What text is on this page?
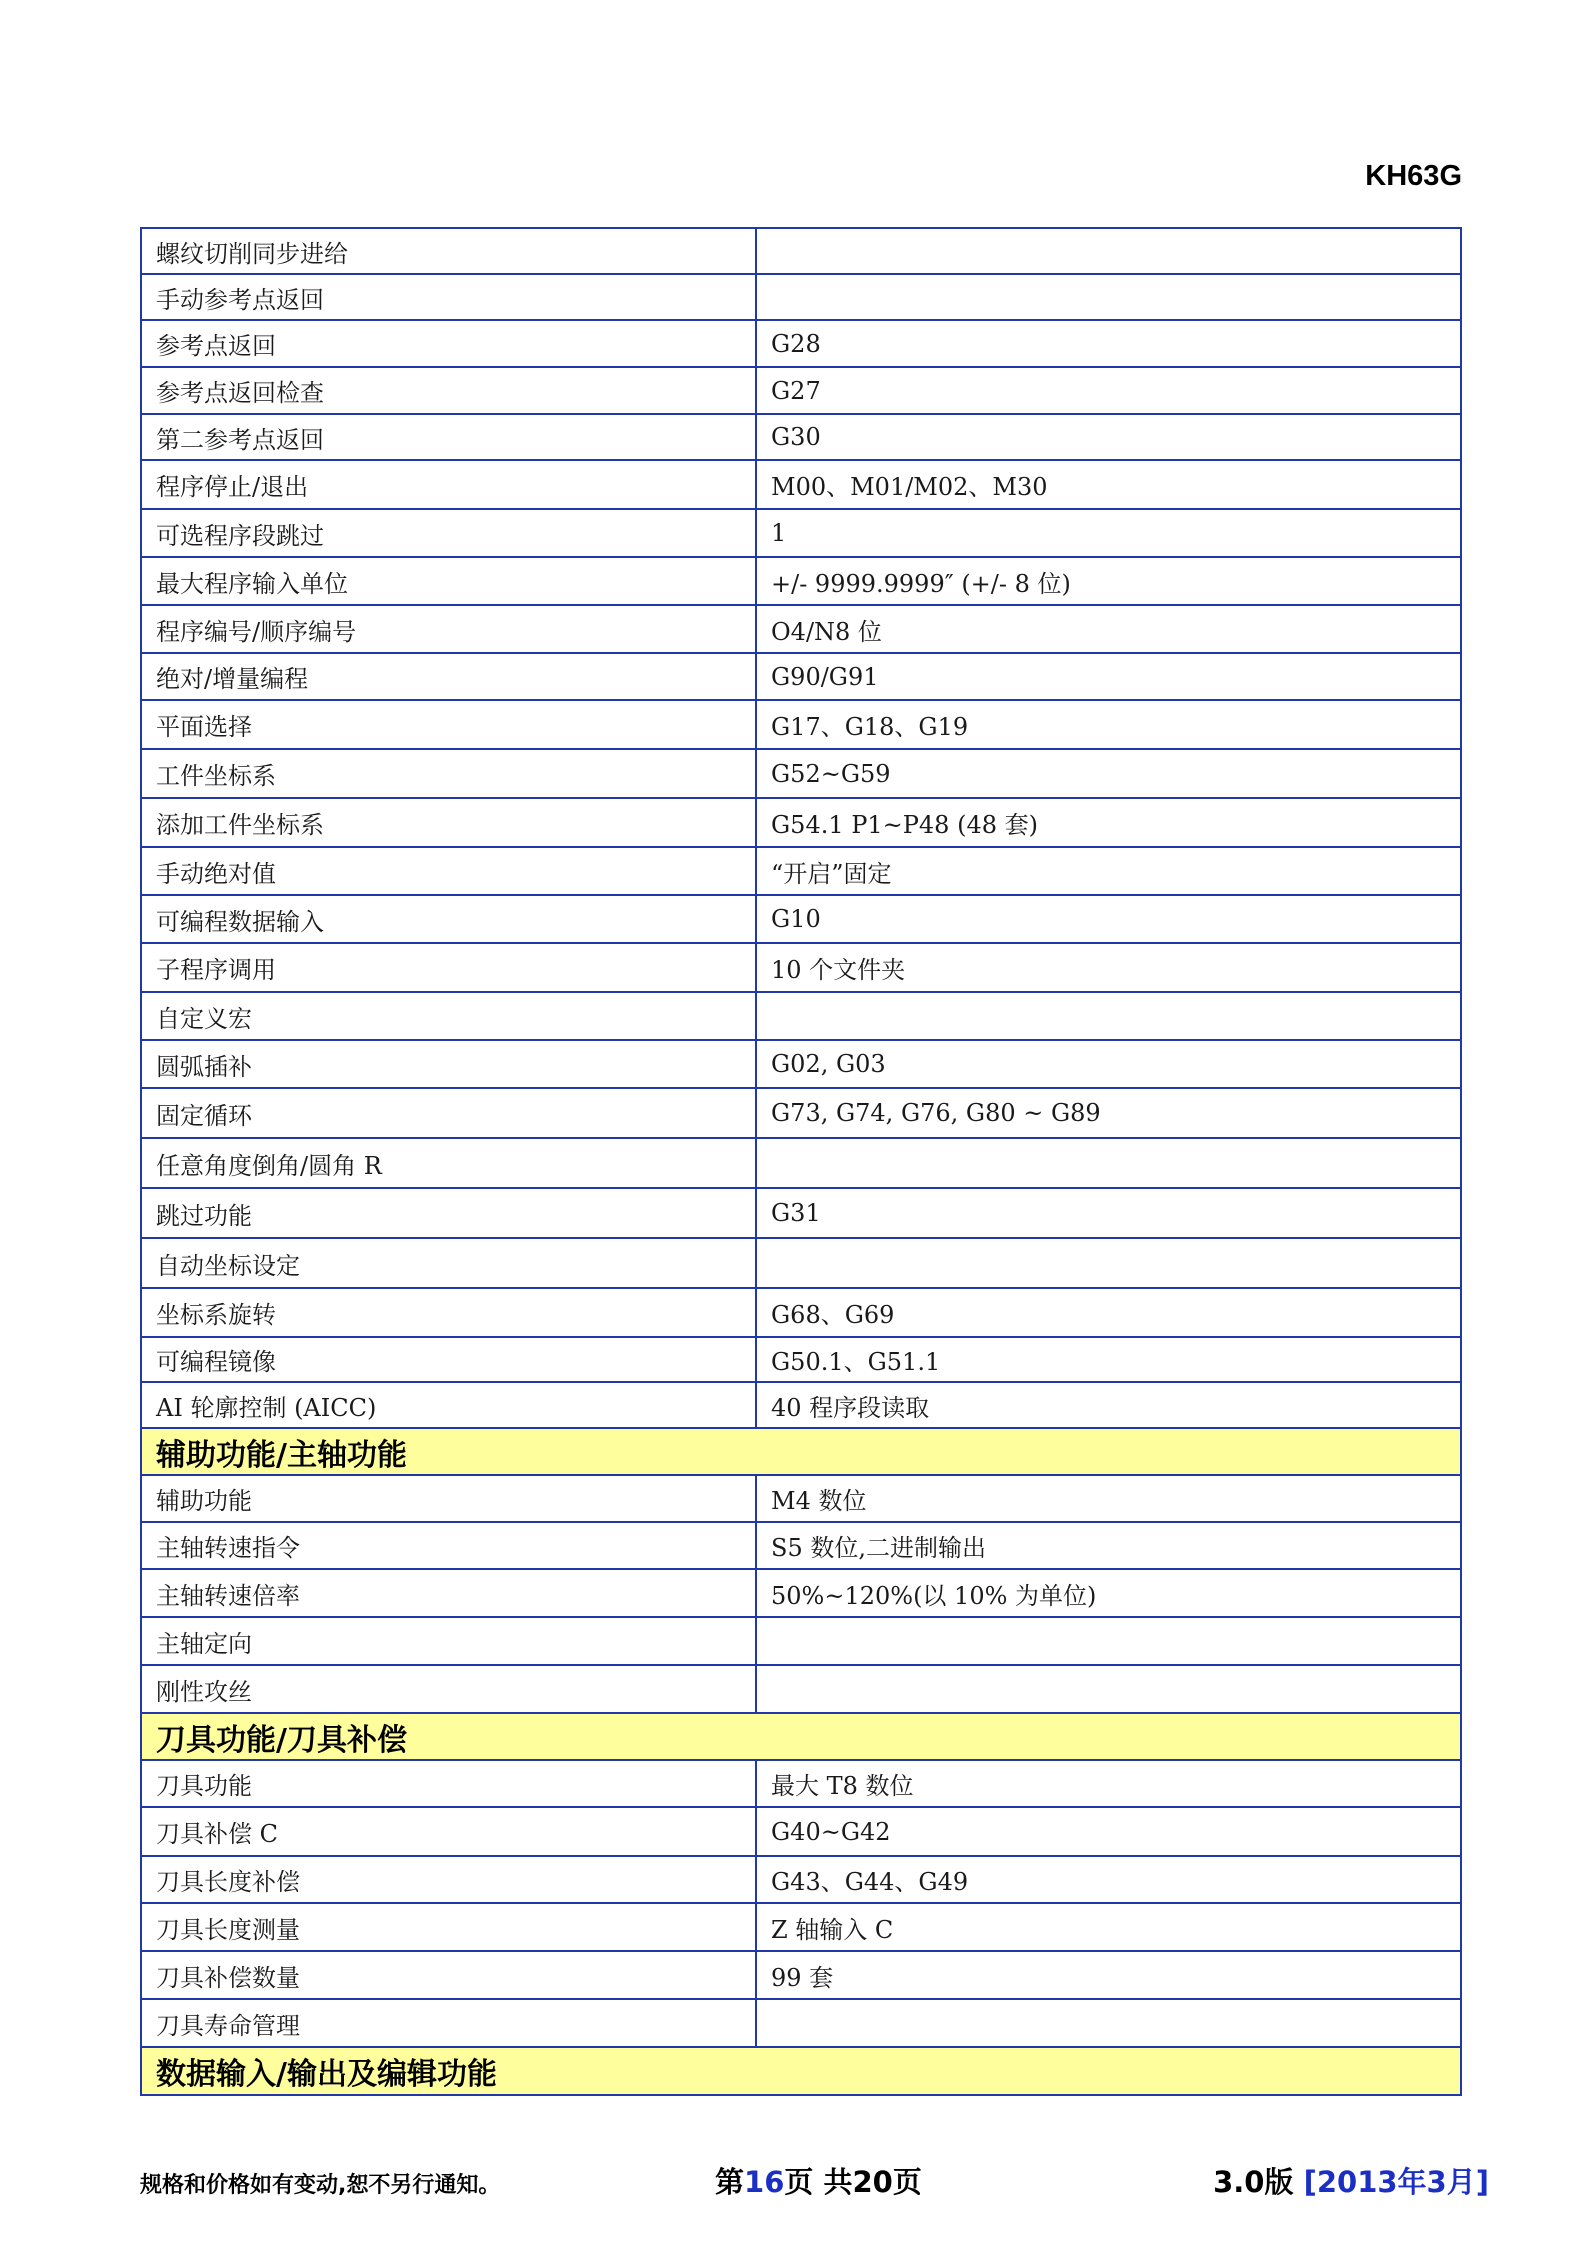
KH63G
螺纹切削同步进给	
手动参考点返回	
参考点返回	G28
参考点返回检查	G27
第二参考点返回	G30
程序停止/退出	M00、M01/M02、M30
可选程序段跳过	1
最大程序输入单位	+/- 9999.9999″ (+/- 8 位)
程序编号/顺序编号	O4/N8 位
绝对/增量编程	G90/G91
平面选择	G17、G18、G19
工件坐标系	G52~G59
添加工件坐标系	G54.1 P1~P48 (48 套)
手动绝对值	“开启”固定
可编程数据输入	G10
子程序调用	10 个文件夹
自定义宏	
圆弧插补	G02, G03
固定循环	G73, G74, G76, G80 ~ G89
任意角度倒角/圆角 R	
跳过功能	G31
自动坐标设定	
坐标系旋转	G68、G69
可编程镜像	G50.1、G51.1
AI 轮廓控制 (AICC)	40 程序段读取
辅助功能/主轴功能	
辅助功能	M4 数位
主轴转速指令	S5 数位,二进制输出
主轴转速倍率	50%~120%(以 10% 为单位)
主轴定向	
刚性攻丝	
刀具功能/刀具补偿	
刀具功能	最大 T8 数位
刀具补偿 C	G40~G42
刀具长度补偿	G43、G44、G49
刀具长度测量	Z 轴输入 C
刀具补偿数量	99 套
刀具寿命管理	
数据输入/输出及编辑功能	
规格和价格如有变动,恕不另行通知。	第16页 共20页	3.0版 [2013年3月]
